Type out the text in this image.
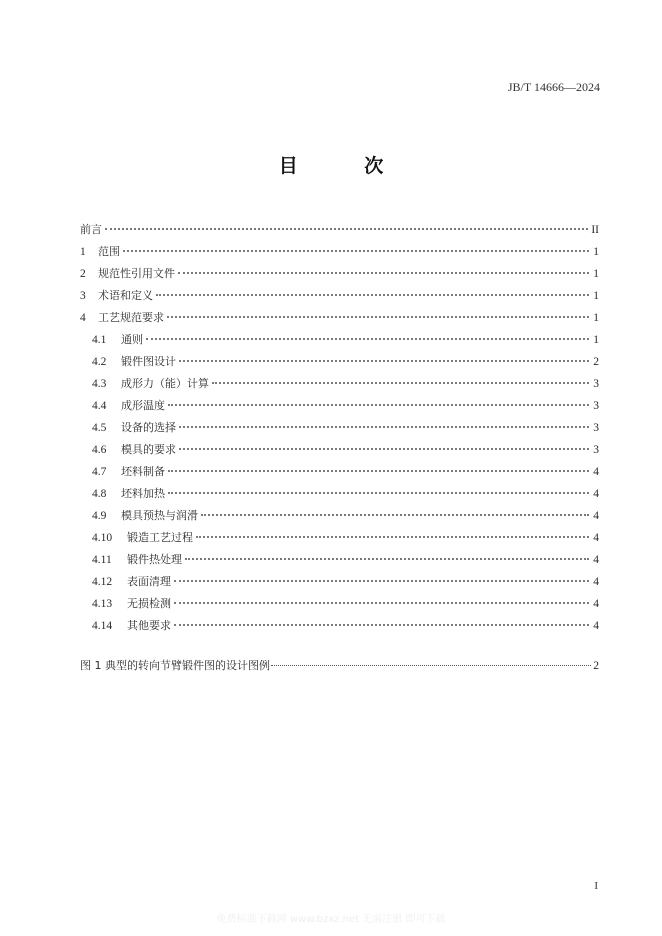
JB/T 14666—2024
目 次
前言	II
1	范围	1
2	规范性引用文件	1
3	术语和定义	1
4	工艺规范要求	1
4.1	通则	1
4.2	锻件图设计	2
4.3	成形力（能）计算	3
4.4	成形温度	3
4.5	设备的选择	3
4.6	模具的要求	3
4.7	坯料制备	4
4.8	坯料加热	4
4.9	模具预热与润滑	4
4.10	锻造工艺过程	4
4.11	锻件热处理	4
4.12	表面清理	4
4.13	无损检测	4
4.14	其他要求	4
图 1 典型的转向节臂锻件图的设计图例	2
I
免费标准下载网 www.bzxz.net 无需注册 即可下载
